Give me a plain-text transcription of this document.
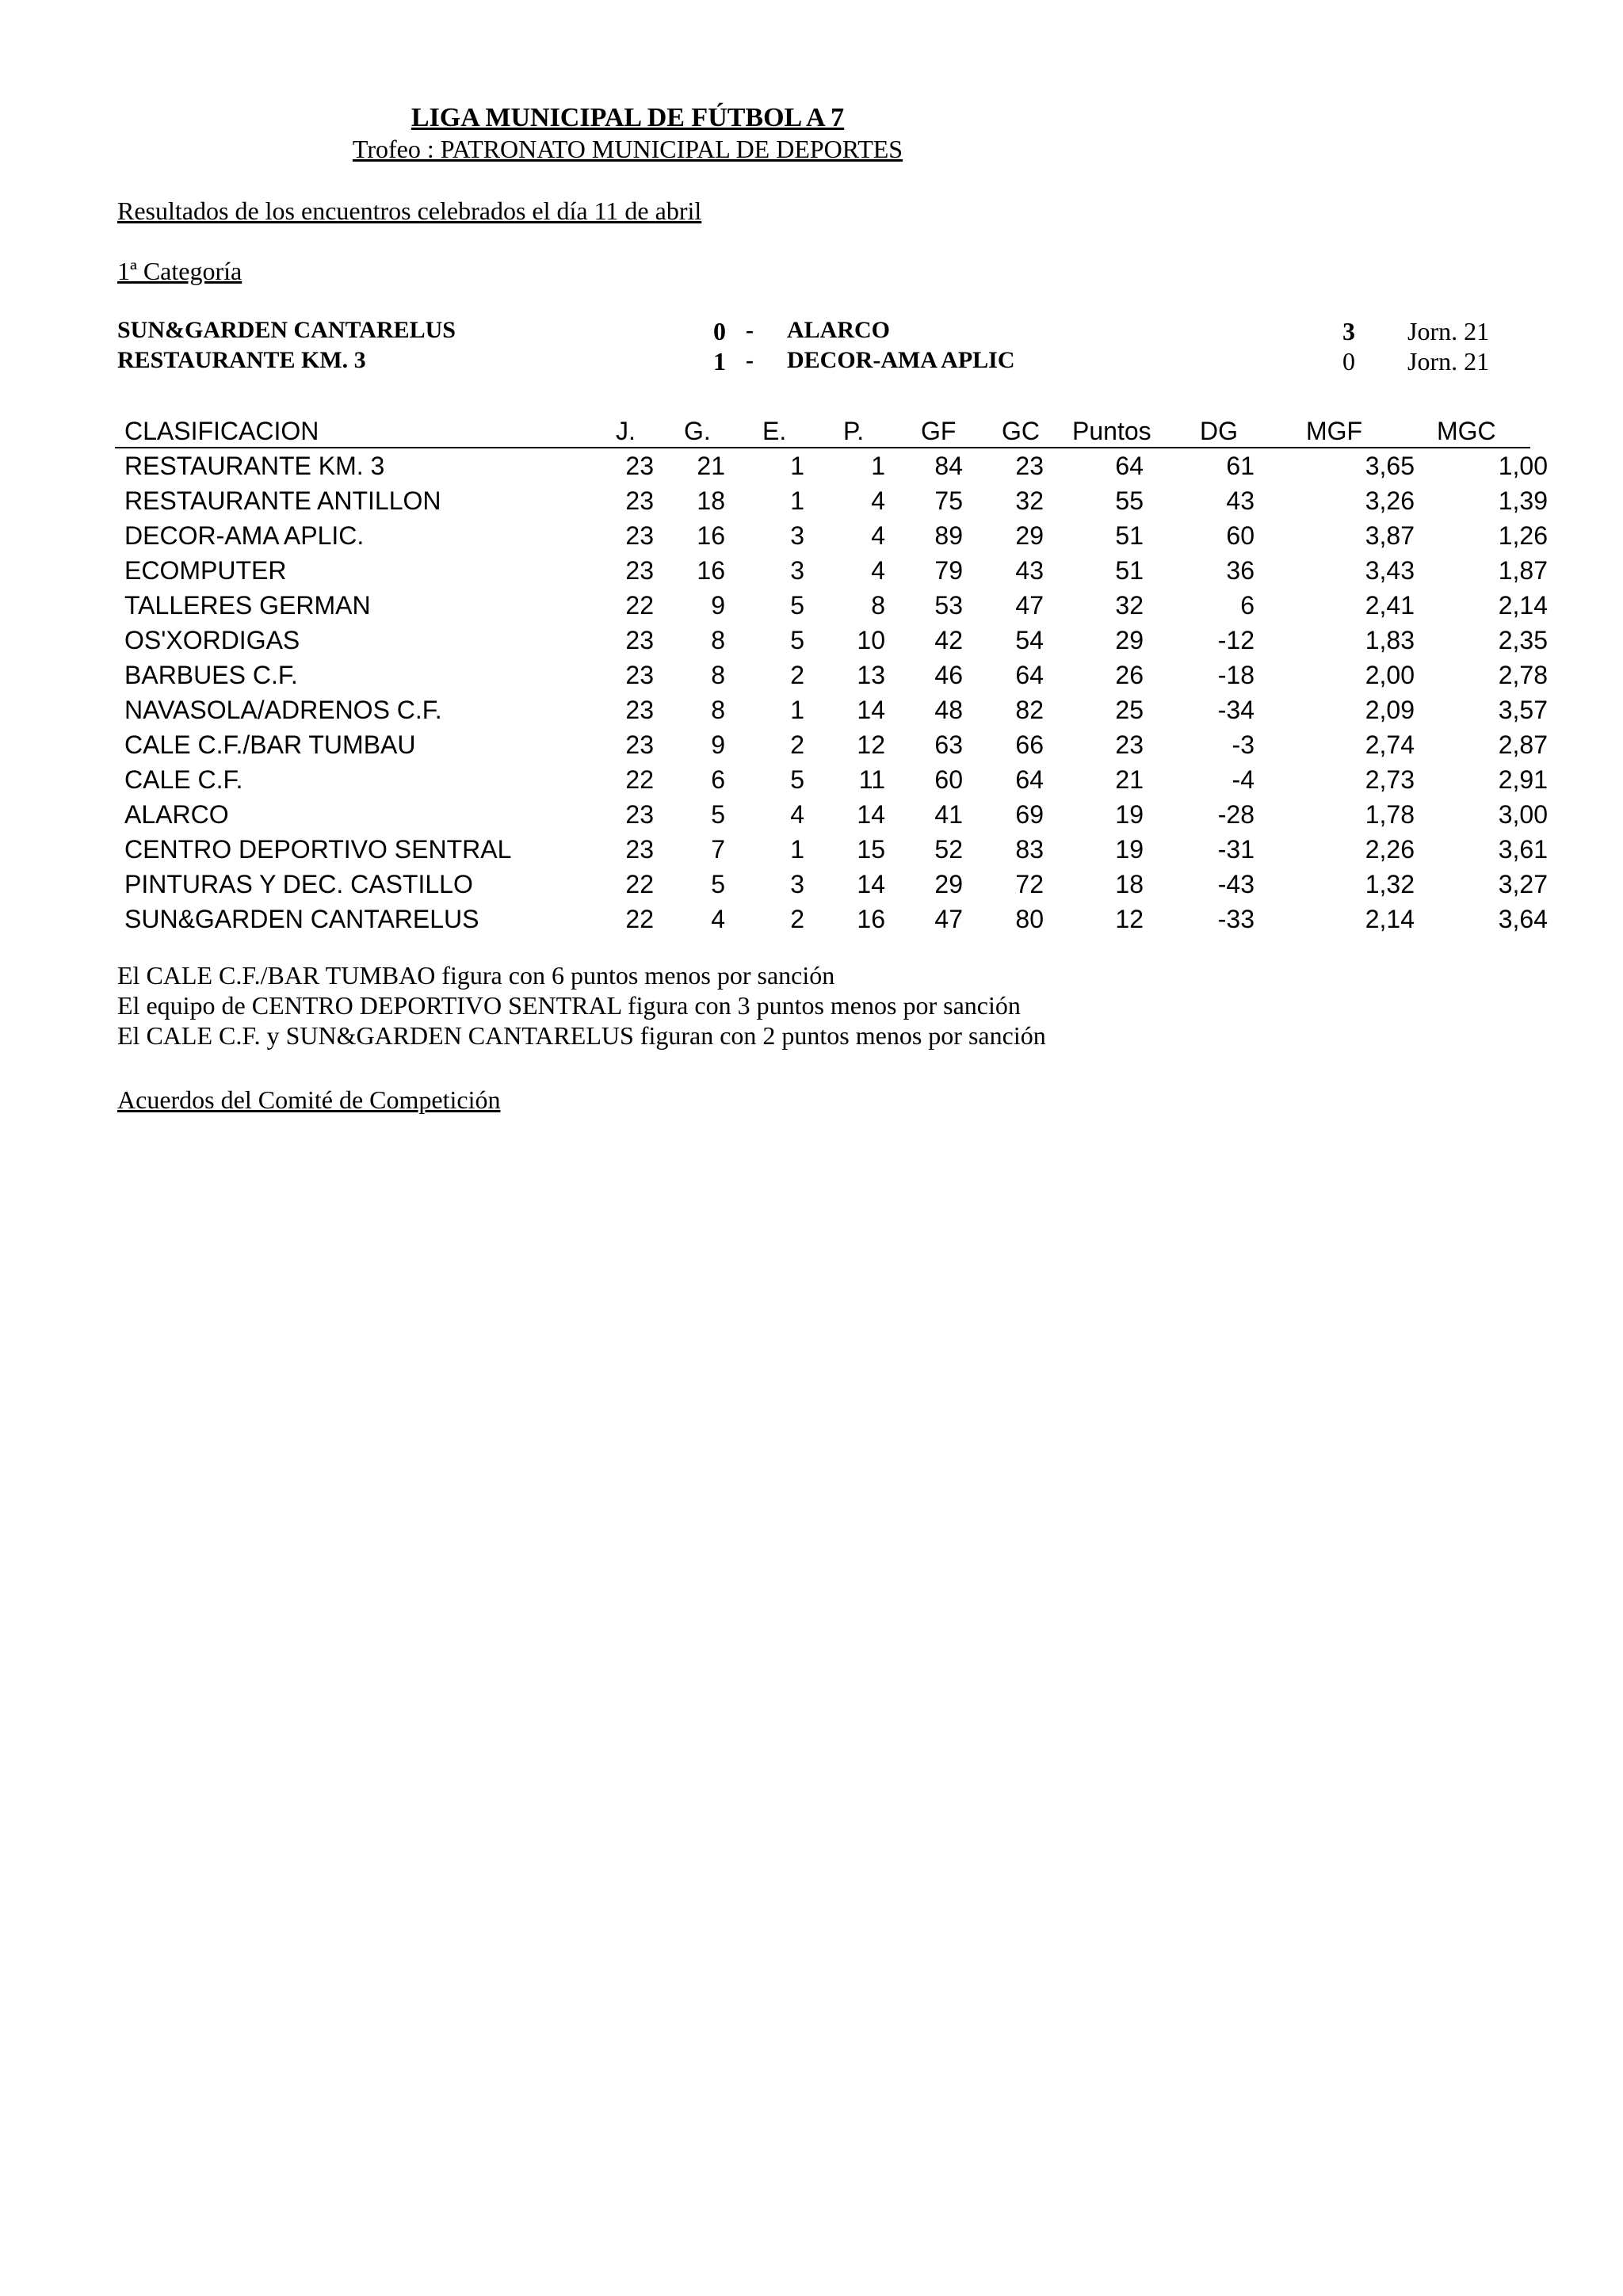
LIGA MUNICIPAL DE FÚTBOL A 7
Trofeo : PATRONATO MUNICIPAL DE DEPORTES
Resultados de los encuentros celebrados el día 11 de abril
1ª Categoría
SUN&GARDEN CANTARELUS	0 - ALARCO	3 Jorn. 21
RESTAURANTE KM. 3	1 - DECOR-AMA APLIC	0 Jorn. 21
CLASIFICACION	J. G. E. P. GF GC Puntos DG	MGF	MGC
RESTAURANTE KM. 3	23	21	1	1	84	23	64	61	3,65	1,00
RESTAURANTE ANTILLON	23	18	1	4	75	32	55	43	3,26	1,39
DECOR-AMA APLIC.	23	16	3	4	89	29	51	60	3,87	1,26
ECOMPUTER	23	16	3	4	79	43	51	36	3,43	1,87
TALLERES GERMAN	22	9	5	8	53	47	32	6	2,41	2,14
OS'XORDIGAS	23	8	5	10	42	54	29	-12	1,83	2,35
BARBUES C.F.	23	8	2	13	46	64	26	-18	2,00	2,78
NAVASOLA/ADRENOS C.F.	23	8	1	14	48	82	25	-34	2,09	3,57
CALE C.F./BAR TUMBAU	23	9	2	12	63	66	23	-3	2,74	2,87
CALE C.F.	22	6	5	11	60	64	21	-4	2,73	2,91
ALARCO	23	5	4	14	41	69	19	-28	1,78	3,00
CENTRO DEPORTIVO SENTRAL	23	7	1	15	52	83	19	-31	2,26	3,61
PINTURAS Y DEC. CASTILLO	22	5	3	14	29	72	18	-43	1,32	3,27
SUN&GARDEN CANTARELUS	22	4	2	16	47	80	12	-33	2,14	3,64
El CALE C.F./BAR TUMBAO figura con 6 puntos menos por sanción
El equipo de CENTRO DEPORTIVO SENTRAL figura con 3 puntos menos por sanción
El CALE C.F. y SUN&GARDEN CANTARELUS figuran con 2 puntos menos por sanción
Acuerdos del Comité de Competición
